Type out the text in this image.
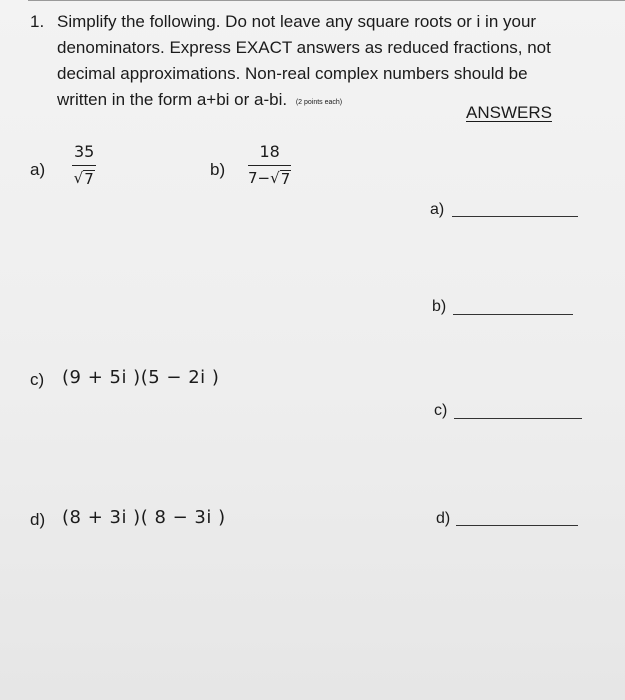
1. Simplify the following. Do not leave any square roots or i in your denominators. Express EXACT answers as reduced fractions, not decimal approximations. Non-real complex numbers should be written in the form a+bi or a-bi. (2 points each)
ANSWERS
a)
35
√ 7
b)
18
7− √ 7
c) (9 + 5i )(5 − 2i )
d) (8 + 3i )( 8 − 3i )
a)
b)
c)
d)
